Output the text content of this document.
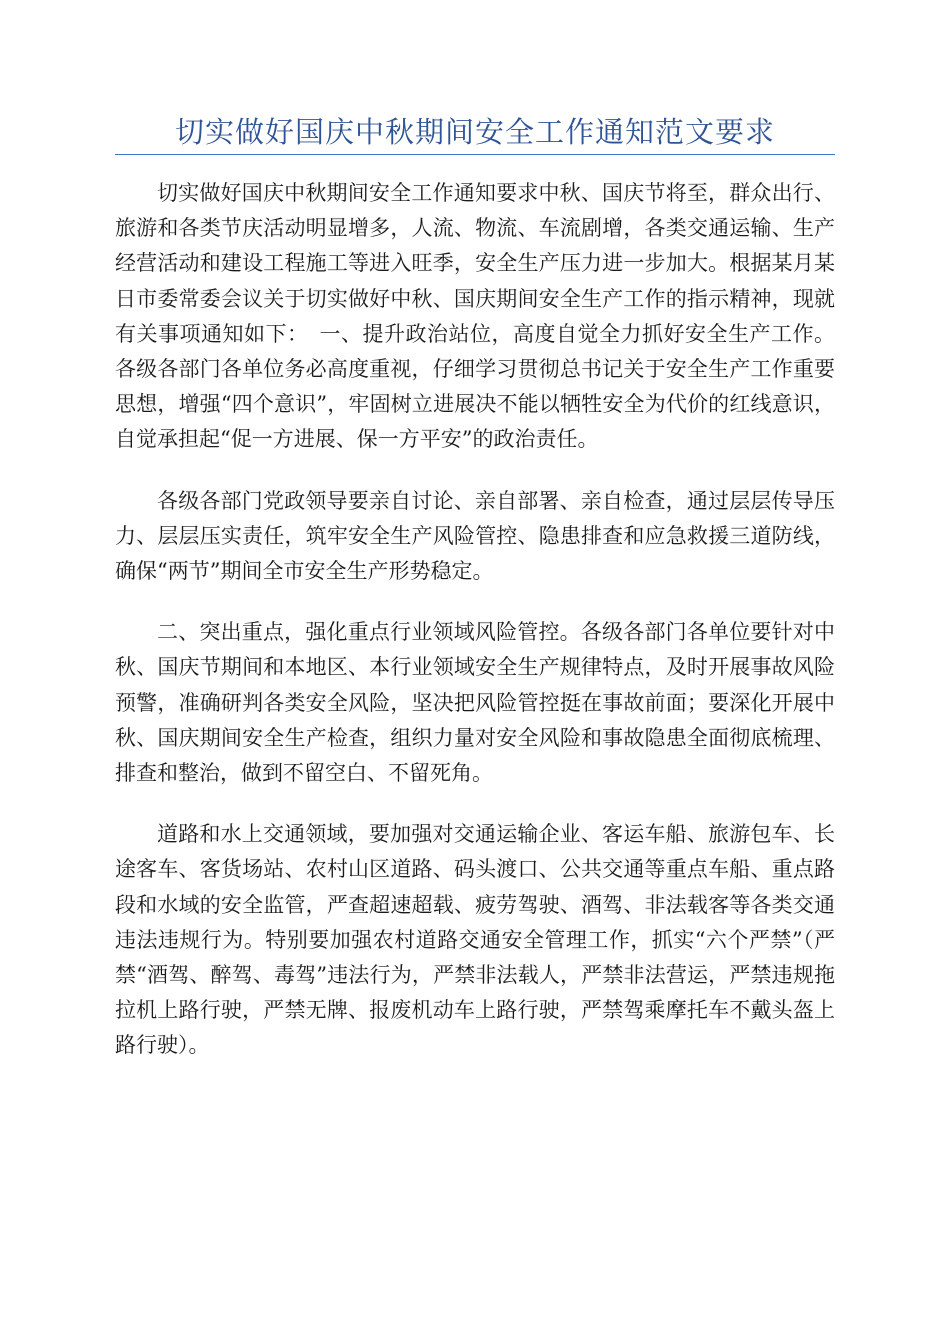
切实做好国庆中秋期间安全工作通知范文要求

切实做好国庆中秋期间安全工作通知要求中秋、国庆节将至，群众出行、旅游和各类节庆活动明显增多，人流、物流、车流剧增，各类交通运输、生产经营活动和建设工程施工等进入旺季，安全生产压力进一步加大。根据某月某日市委常委会议关于切实做好中秋、国庆期间安全生产工作的指示精神，现就有关事项通知如下：　一、提升政治站位，高度自觉全力抓好安全生产工作。各级各部门各单位务必高度重视，仔细学习贯彻总书记关于安全生产工作重要思想，增强“四个意识”，牢固树立进展决不能以牺牲安全为代价的红线意识，自觉承担起“促一方进展、保一方平安”的政治责任。

各级各部门党政领导要亲自讨论、亲自部署、亲自检查，通过层层传导压力、层层压实责任，筑牢安全生产风险管控、隐患排查和应急救援三道防线，确保“两节”期间全市安全生产形势稳定。

二、突出重点，强化重点行业领域风险管控。各级各部门各单位要针对中秋、国庆节期间和本地区、本行业领域安全生产规律特点，及时开展事故风险预警，准确研判各类安全风险，坚决把风险管控挺在事故前面；要深化开展中秋、国庆期间安全生产检查，组织力量对安全风险和事故隐患全面彻底梳理、排查和整治，做到不留空白、不留死角。

道路和水上交通领域，要加强对交通运输企业、客运车船、旅游包车、长途客车、客货场站、农村山区道路、码头渡口、公共交通等重点车船、重点路段和水域的安全监管，严查超速超载、疲劳驾驶、酒驾、非法载客等各类交通违法违规行为。特别要加强农村道路交通安全管理工作，抓实“六个严禁”（严禁“酒驾、醉驾、毒驾”违法行为，严禁非法载人，严禁非法营运，严禁违规拖拉机上路行驶，严禁无牌、报废机动车上路行驶，严禁驾乘摩托车不戴头盔上路行驶）。
